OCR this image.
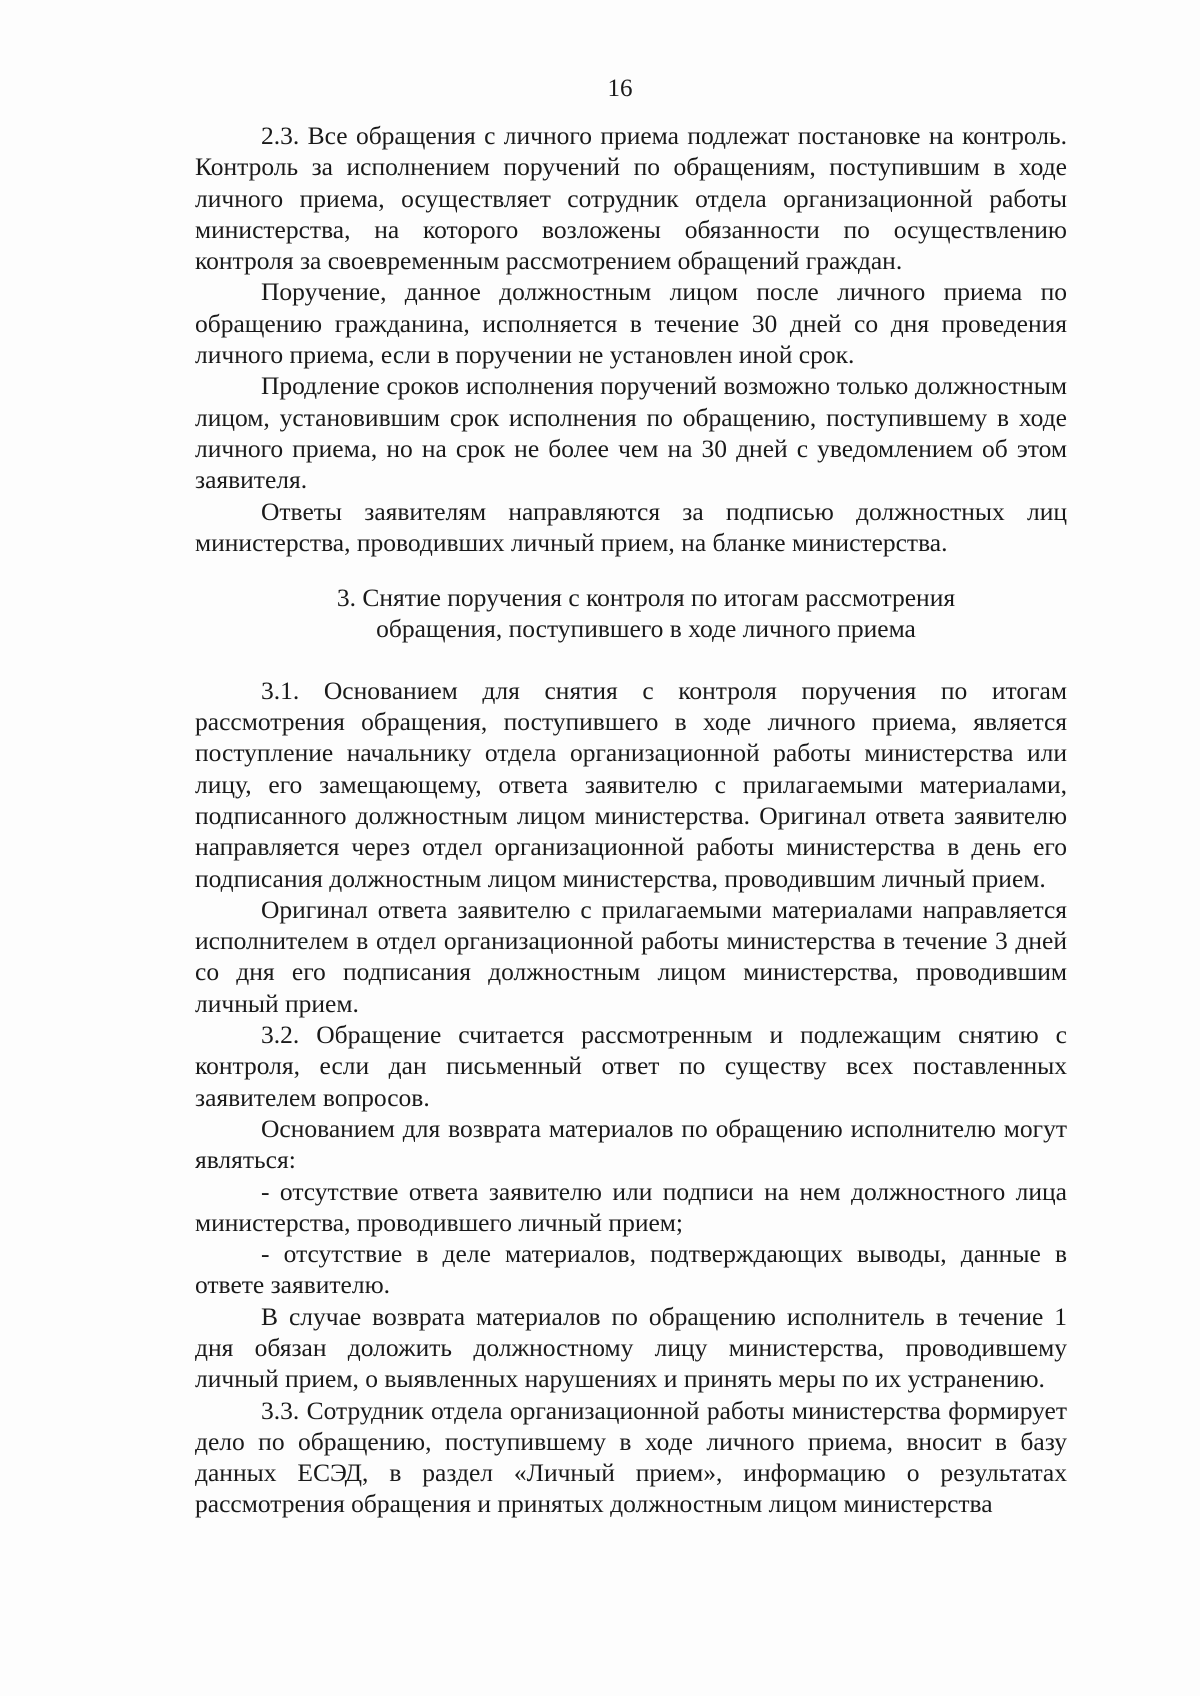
16

2.3. Все обращения с личного приема подлежат постановке на контроль. Контроль за исполнением поручений по обращениям, поступившим в ходе личного приема, осуществляет сотрудник отдела организационной работы министерства, на которого возложены обязанности по осуществлению контроля за своевременным рассмотрением обращений граждан.

Поручение, данное должностным лицом после личного приема по обращению гражданина, исполняется в течение 30 дней со дня проведения личного приема, если в поручении не установлен иной срок.

Продление сроков исполнения поручений возможно только должностным лицом, установившим срок исполнения по обращению, поступившему в ходе личного приема, но на срок не более чем на 30 дней с уведомлением об этом заявителя.

Ответы заявителям направляются за подписью должностных лиц министерства, проводивших личный прием, на бланке министерства.

3. Снятие поручения с контроля по итогам рассмотрения
обращения, поступившего в ходе личного приема

3.1. Основанием для снятия с контроля поручения по итогам рассмотрения обращения, поступившего в ходе личного приема, является поступление начальнику отдела организационной работы министерства или лицу, его замещающему, ответа заявителю с прилагаемыми материалами, подписанного должностным лицом министерства. Оригинал ответа заявителю направляется через отдел организационной работы министерства в день его подписания должностным лицом министерства, проводившим личный прием.

Оригинал ответа заявителю с прилагаемыми материалами направляется исполнителем в отдел организационной работы министерства в течение 3 дней со дня его подписания должностным лицом министерства, проводившим личный прием.

3.2. Обращение считается рассмотренным и подлежащим снятию с контроля, если дан письменный ответ по существу всех поставленных заявителем вопросов.

Основанием для возврата материалов по обращению исполнителю могут являться:

- отсутствие ответа заявителю или подписи на нем должностного лица министерства, проводившего личный прием;

- отсутствие в деле материалов, подтверждающих выводы, данные в ответе заявителю.

В случае возврата материалов по обращению исполнитель в течение 1 дня обязан доложить должностному лицу министерства, проводившему личный прием, о выявленных нарушениях и принять меры по их устранению.

3.3. Сотрудник отдела организационной работы министерства формирует дело по обращению, поступившему в ходе личного приема, вносит в базу данных ЕСЭД, в раздел «Личный прием», информацию о результатах рассмотрения обращения и принятых должностным лицом министерства
